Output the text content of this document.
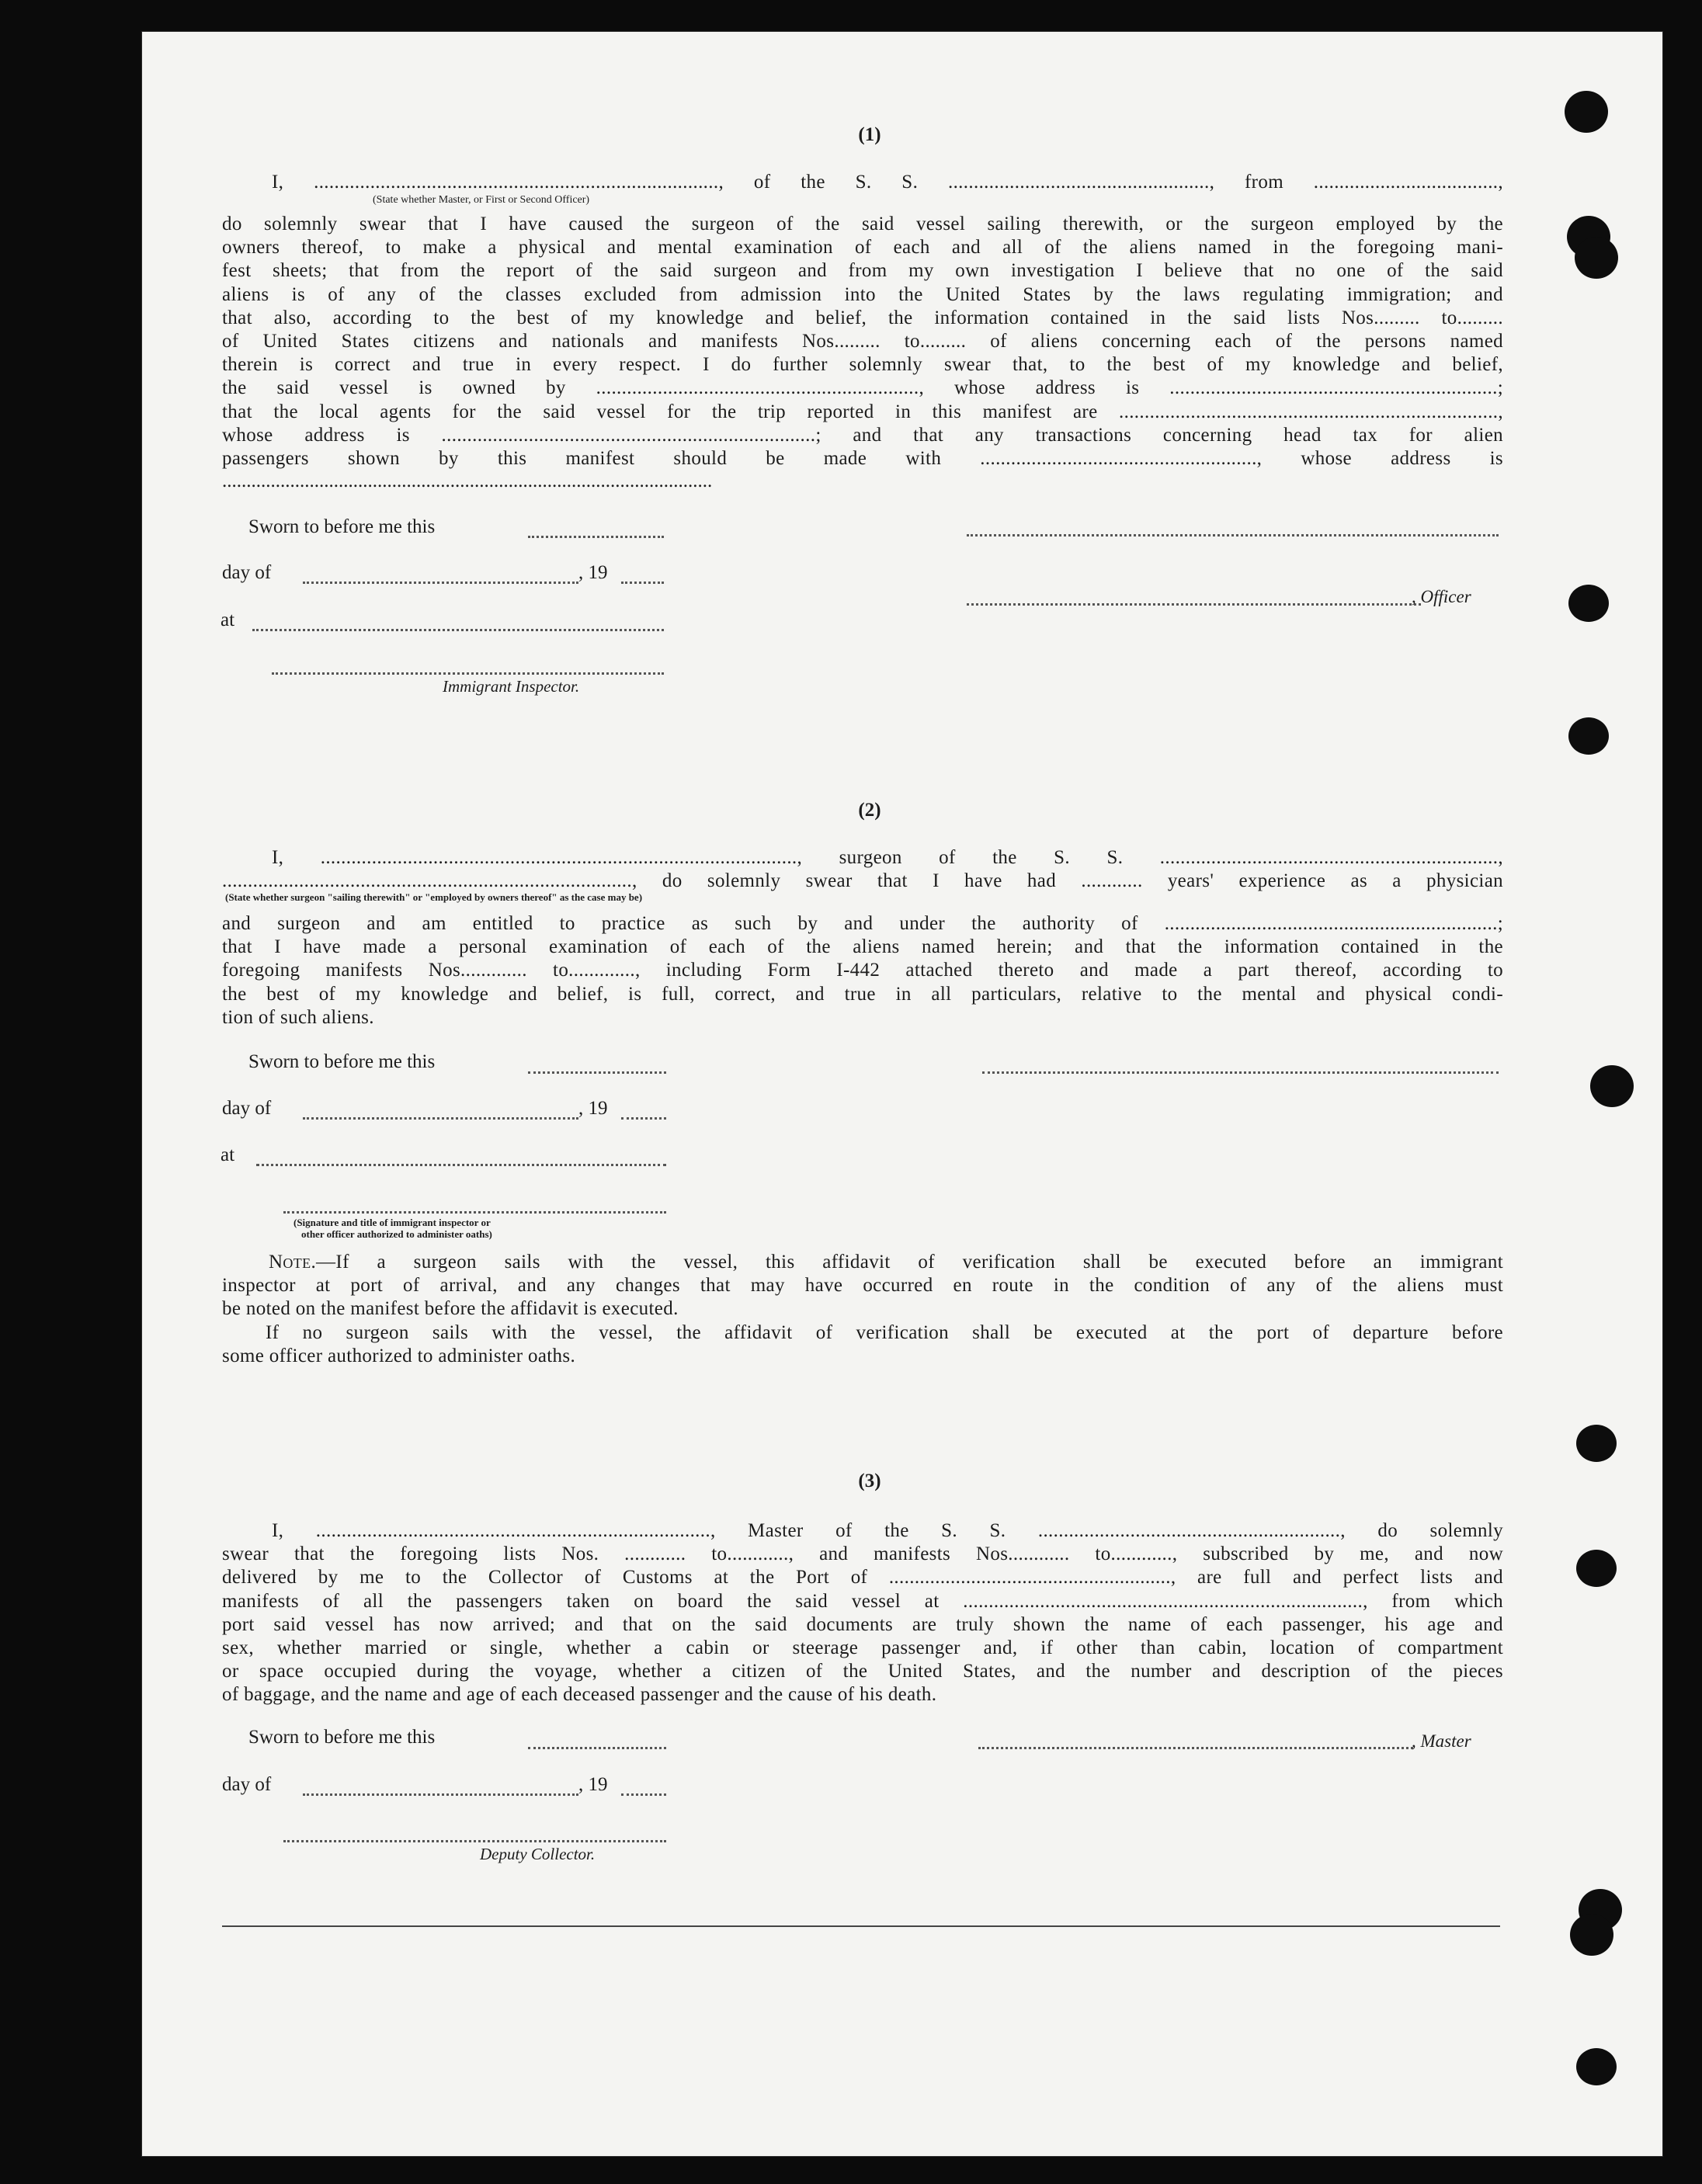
(1)
I, ..............................................................................., of the S. S. ..................................................., from ....................................,
(State whether Master, or First or Second Officer)
do solemnly swear that I have caused the surgeon of the said vessel sailing therewith, or the surgeon employed by the
owners thereof, to make a physical and mental examination of each and all of the aliens named in the foregoing mani-
fest sheets; that from the report of the said surgeon and from my own investigation I believe that no one of the said
aliens is of any of the classes excluded from admission into the United States by the laws regulating immigration; and
that also, according to the best of my knowledge and belief, the information contained in the said lists Nos......... to.........
of United States citizens and nationals and manifests Nos......... to......... of aliens concerning each of the persons named
therein is correct and true in every respect. I do further solemnly swear that, to the best of my knowledge and belief,
the said vessel is owned by ..............................................................., whose address is ................................................................;
that the local agents for the said vessel for the trip reported in this manifest are ..........................................................................,
whose address is .........................................................................; and that any transactions concerning head tax for alien
passengers shown by this manifest should be made with ......................................................, whose address is
.....................................................................................................
Sworn to before me this
day of	, 19
at
Immigrant Inspector.
, Officer
(2)
I, ............................................................................................., surgeon of the S. S. ..................................................................,
................................................................................, do solemnly swear that I have had ............ years' experience as a physician
(State whether surgeon "sailing therewith" or "employed by owners thereof" as the case may be)
and surgeon and am entitled to practice as such by and under the authority of .................................................................;
that I have made a personal examination of each of the aliens named herein; and that the information contained in the
foregoing manifests Nos............. to............., including Form I-442 attached thereto and made a part thereof, according to
the best of my knowledge and belief, is full, correct, and true in all particulars, relative to the mental and physical condi-
tion of such aliens.
Sworn to before me this
day of	, 19
at
(Signature and title of immigrant inspector or
other officer authorized to administer oaths)
Note.—If a surgeon sails with the vessel, this affidavit of verification shall be executed before an immigrant
inspector at port of arrival, and any changes that may have occurred en route in the condition of any of the aliens must
be noted on the manifest before the affidavit is executed.
If no surgeon sails with the vessel, the affidavit of verification shall be executed at the port of departure before
some officer authorized to administer oaths.
(3)
I, ............................................................................., Master of the S. S. ..........................................................., do solemnly
swear that the foregoing lists Nos. ............ to............, and manifests Nos............ to............, subscribed by me, and now
delivered by me to the Collector of Customs at the Port of ......................................................., are full and perfect lists and
manifests of all the passengers taken on board the said vessel at .............................................................................., from which
port said vessel has now arrived; and that on the said documents are truly shown the name of each passenger, his age and
sex, whether married or single, whether a cabin or steerage passenger and, if other than cabin, location of compartment
or space occupied during the voyage, whether a citizen of the United States, and the number and description of the pieces
of baggage, and the name and age of each deceased passenger and the cause of his death.
Sworn to before me this	, Master
day of	, 19
Deputy Collector.
